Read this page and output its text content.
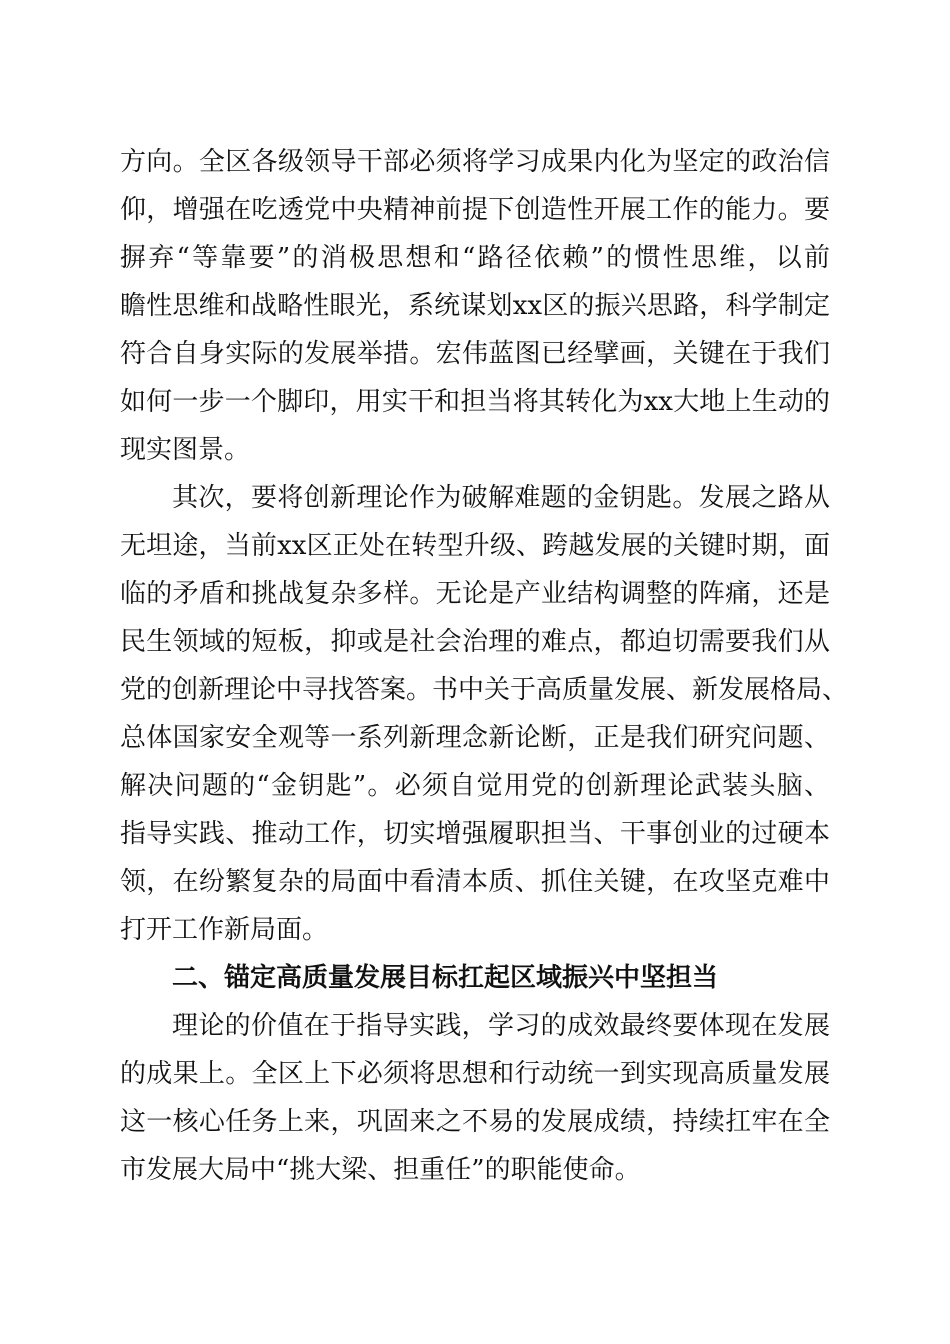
方向。全区各级领导干部必须将学习成果内化为坚定的政治信
仰，增强在吃透党中央精神前提下创造性开展工作的能力。要
摒弃“等靠要”的消极思想和“路径依赖”的惯性思维，以前
瞻性思维和战略性眼光，系统谋划xx区的振兴思路，科学制定
符合自身实际的发展举措。宏伟蓝图已经擘画，关键在于我们
如何一步一个脚印，用实干和担当将其转化为xx大地上生动的
现实图景。
其次，要将创新理论作为破解难题的金钥匙。发展之路从
无坦途，当前xx区正处在转型升级、跨越发展的关键时期，面
临的矛盾和挑战复杂多样。无论是产业结构调整的阵痛，还是
民生领域的短板，抑或是社会治理的难点，都迫切需要我们从
党的创新理论中寻找答案。书中关于高质量发展、新发展格局、
总体国家安全观等一系列新理念新论断，正是我们研究问题、
解决问题的“金钥匙”。必须自觉用党的创新理论武装头脑、
指导实践、推动工作，切实增强履职担当、干事创业的过硬本
领，在纷繁复杂的局面中看清本质、抓住关键，在攻坚克难中
打开工作新局面。
二、锚定高质量发展目标扛起区域振兴中坚担当
理论的价值在于指导实践，学习的成效最终要体现在发展
的成果上。全区上下必须将思想和行动统一到实现高质量发展
这一核心任务上来，巩固来之不易的发展成绩，持续扛牢在全
市发展大局中“挑大梁、担重任”的职能使命。
